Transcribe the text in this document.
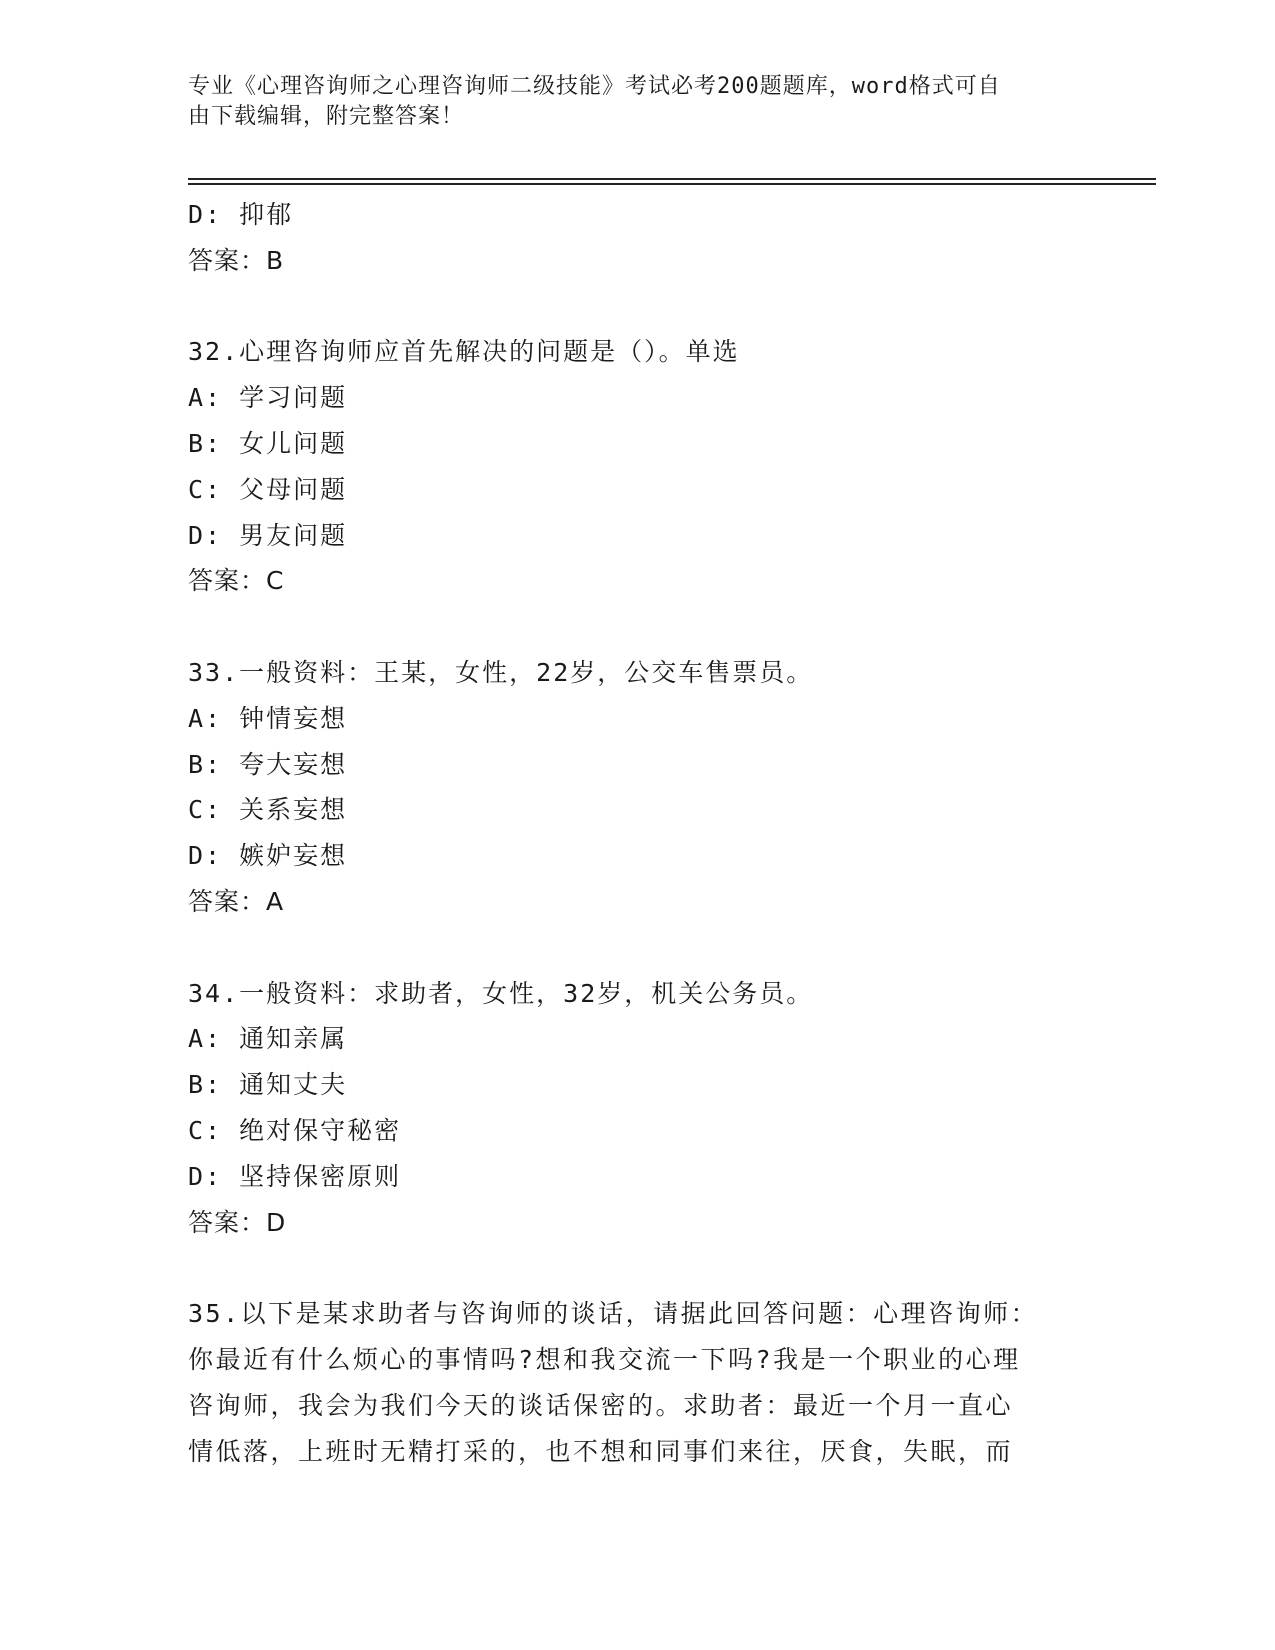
专业《心理咨询师之心理咨询师二级技能》考试必考200题题库，word格式可自
由下载编辑，附完整答案！
D: 抑郁
答案：B
32.心理咨询师应首先解决的问题是（）。单选
A: 学习问题
B: 女儿问题
C: 父母问题
D: 男友问题
答案：C
33.一般资料：王某，女性，22岁，公交车售票员。
A: 钟情妄想
B: 夸大妄想
C: 关系妄想
D: 嫉妒妄想
答案：A
34.一般资料：求助者，女性，32岁，机关公务员。
A: 通知亲属
B: 通知丈夫
C: 绝对保守秘密
D: 坚持保密原则
答案：D
35.以下是某求助者与咨询师的谈话，请据此回答问题：心理咨询师：
你最近有什么烦心的事情吗?想和我交流一下吗?我是一个职业的心理
咨询师，我会为我们今天的谈话保密的。求助者：最近一个月一直心
情低落，上班时无精打采的，也不想和同事们来往，厌食，失眠，而
